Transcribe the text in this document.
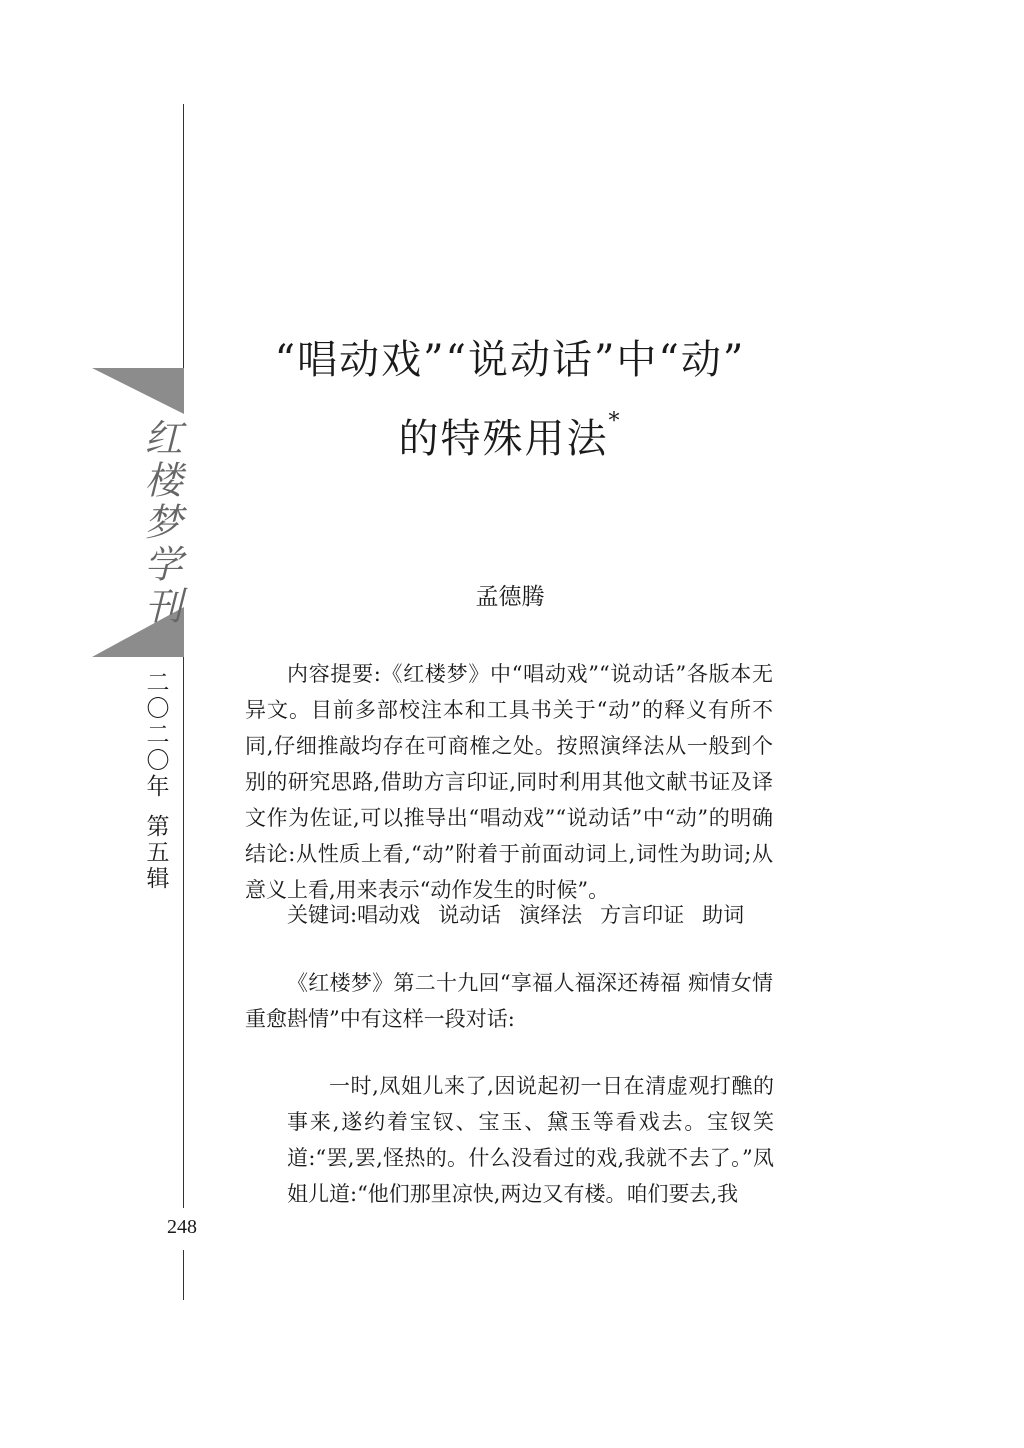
红楼梦学刊
二
〇
二
〇
年
第
五
辑
248
“唱动戏”“说动话”中“动”
的特殊用法*
孟德腾
内容提要:《红楼梦》中“唱动戏”“说动话”各版本无异文。目前多部校注本和工具书关于“动”的释义有所不同,仔细推敲均存在可商榷之处。按照演绎法从一般到个别的研究思路,借助方言印证,同时利用其他文献书证及译文作为佐证,可以推导出“唱动戏”“说动话”中“动”的明确结论:从性质上看,“动”附着于前面动词上,词性为助词;从意义上看,用来表示“动作发生的时候”。
关键词:唱动戏 说动话 演绎法 方言印证 助词
《红楼梦》第二十九回“享福人福深还祷福 痴情女情重愈斟情”中有这样一段对话:
一时,凤姐儿来了,因说起初一日在清虚观打醮的事来,遂约着宝钗、宝玉、黛玉等看戏去。宝钗笑道:“罢,罢,怪热的。什么没看过的戏,我就不去了。”凤姐儿道:“他们那里凉快,两边又有楼。咱们要去,我
